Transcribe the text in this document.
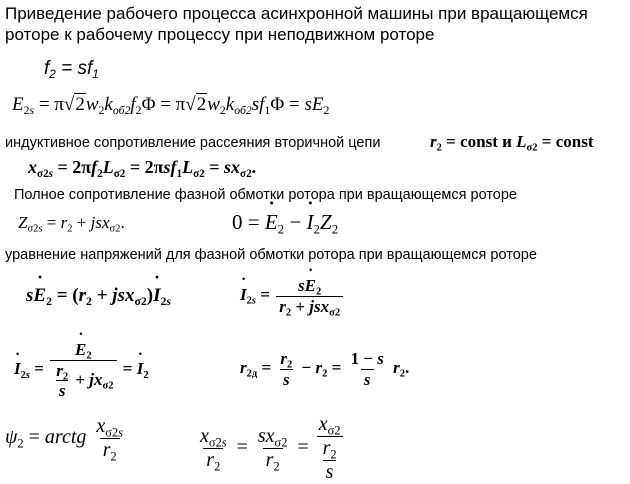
Приведение рабочего процесса асинхронной машины при вращающемся
роторе к рабочему процессу при неподвижном роторе
$f_2 = sf_1$
$E_{2s} = \pi√2w_2k_{об2}f_2\Phi = \pi√2w_2k_{об2}sf_1\Phi = sE_2$
индуктивное сопротивление рассеяния вторичной цепи	$r_2$ = const и $L_{\sigma 2}$ = const
$x_{\sigma 2s} = 2\pi f_2L_{\sigma 2} = 2\pi sf_1L_{\sigma 2} = sx_{\sigma 2}$.
Полное сопротивление фазной обмотки ротора при вращающемся роторе
$Z_{\sigma 2s} = r_2 + jsx_{\sigma 2}$.	0 = ˙ $E_2$ − ˙ $I_2Z_2$
уравнение напряжений для фазной обмотки ротора при вращающемся роторе
s˙ $E_2 = (r_2$ + jsx$_{\sigma 2}$)˙ $I_{2s}$	˙ $I_{2s} = \frac{s˙ E_2}{r_2 + jsx_{\sigma 2}}$
˙ $I_{2s}$ = ˙ $\frac{E_2}{\frac{r_2}{s} + jx_{\sigma 2}}$ = ˙ $I_2$	$r_{2д} = \frac{r_2}{s} - r_2 = \frac{1 - s}{s} r_2$.
$\psi_2$ = arctg $\frac{x_{\sigma 2s}}{r_2}$	$\frac{x_{\sigma 2s}}{r_2} = \frac{sx_{\sigma 2}}{r_2} = \frac{x_{\sigma 2}}{\frac{r_2}{s}}$
